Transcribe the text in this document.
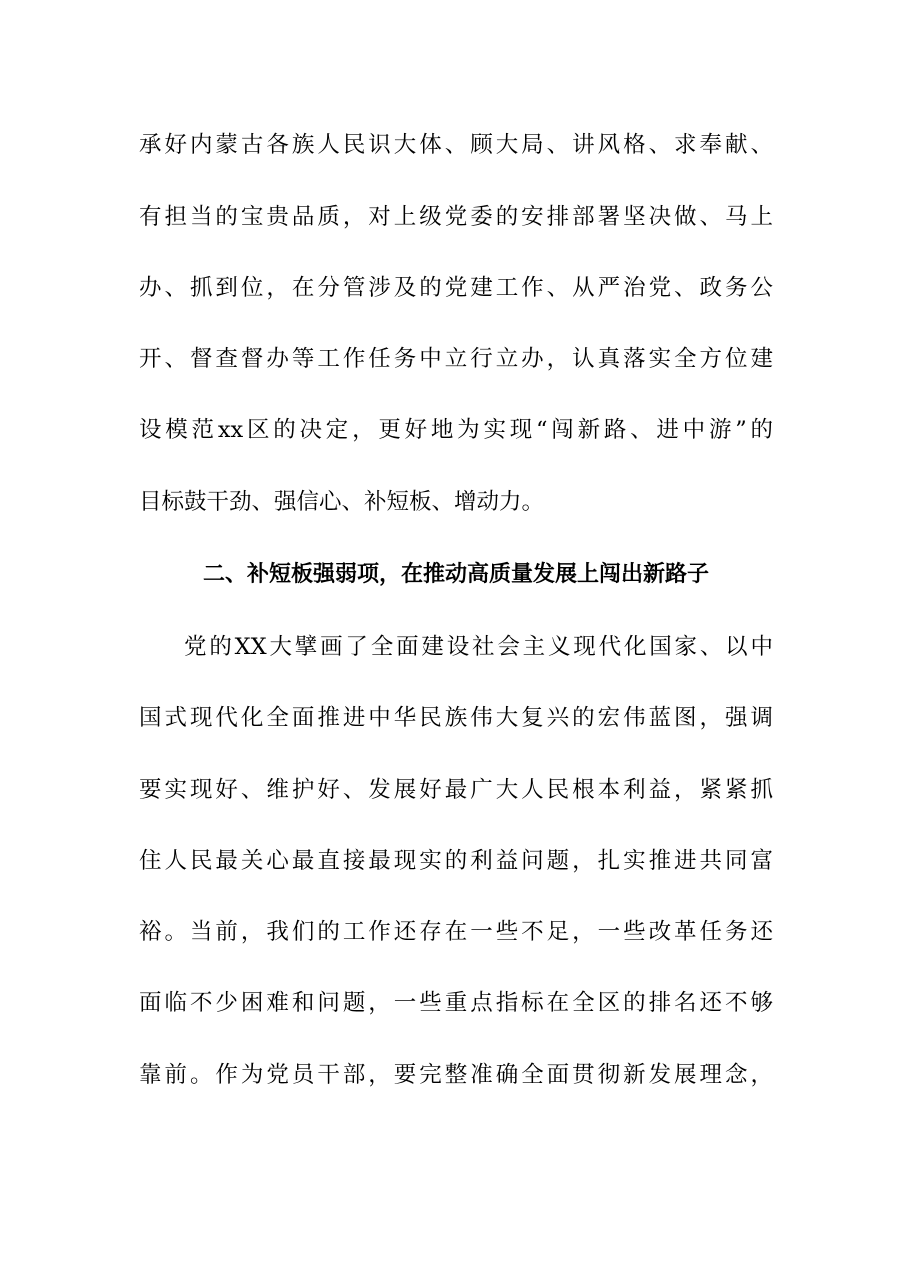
承好内蒙古各族人民识大体、顾大局、讲风格、求奉献、
有担当的宝贵品质，对上级党委的安排部署坚决做、马上
办、抓到位，在分管涉及的党建工作、从严治党、政务公
开、督查督办等工作任务中立行立办，认真落实全方位建
设模范xx区的决定，更好地为实现“闯新路、进中游”的
目标鼓干劲、强信心、补短板、增动力。
二、补短板强弱项，在推动高质量发展上闯出新路子
党的XX大擘画了全面建设社会主义现代化国家、以中
国式现代化全面推进中华民族伟大复兴的宏伟蓝图，强调
要实现好、维护好、发展好最广大人民根本利益，紧紧抓
住人民最关心最直接最现实的利益问题，扎实推进共同富
裕。当前，我们的工作还存在一些不足，一些改革任务还
面临不少困难和问题，一些重点指标在全区的排名还不够
靠前。作为党员干部，要完整准确全面贯彻新发展理念，
